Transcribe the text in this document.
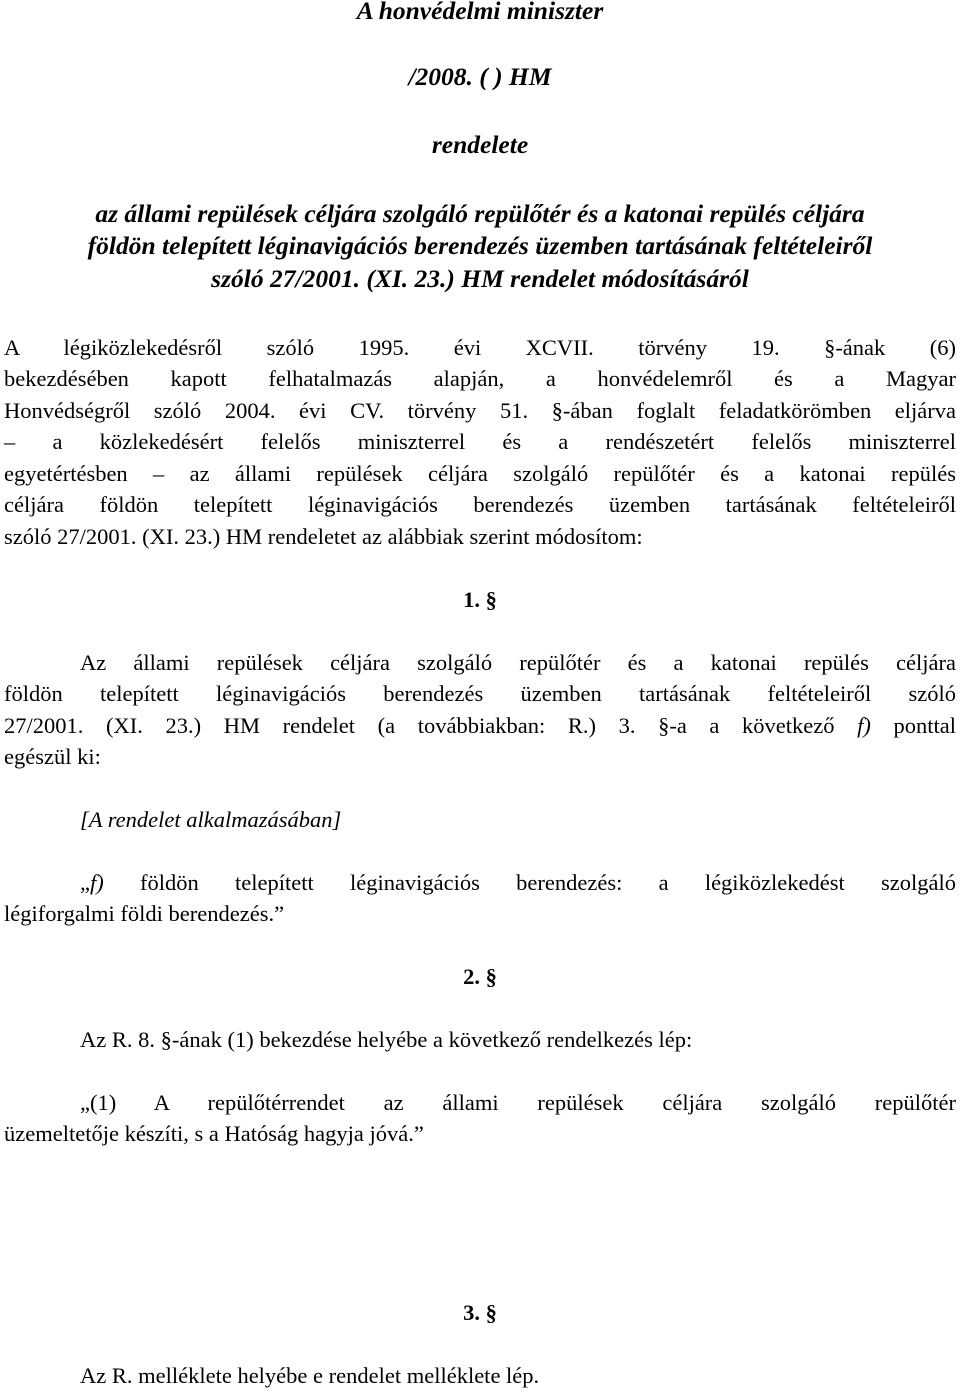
A honvédelmi miniszter
/2008. ( ) HM
rendelete
az állami repülések céljára szolgáló repülőtér és a katonai repülés céljára
földön telepített léginavigációs berendezés üzemben tartásának feltételeiről
szóló 27/2001. (XI. 23.) HM rendelet módosításáról
A légiközlekedésről szóló 1995. évi XCVII. törvény 19. §-ának (6)
bekezdésében kapott felhatalmazás alapján, a honvédelemről és a Magyar
Honvédségről szóló 2004. évi CV. törvény 51. §-ában foglalt feladatkörömben eljárva
– a közlekedésért felelős miniszterrel és a rendészetért felelős miniszterrel
egyetértésben – az állami repülések céljára szolgáló repülőtér és a katonai repülés
céljára földön telepített léginavigációs berendezés üzemben tartásának feltételeiről
szóló 27/2001. (XI. 23.) HM rendeletet az alábbiak szerint módosítom:
1. §
Az állami repülések céljára szolgáló repülőtér és a katonai repülés céljára
földön telepített léginavigációs berendezés üzemben tartásának feltételeiről szóló
27/2001. (XI. 23.) HM rendelet (a továbbiakban: R.) 3. §-a a következő f) ponttal
egészül ki:
[A rendelet alkalmazásában]
„f) földön telepített léginavigációs berendezés: a légiközlekedést szolgáló
légiforgalmi földi berendezés.”
2. §
Az R. 8. §-ának (1) bekezdése helyébe a következő rendelkezés lép:
„(1) A repülőtérrendet az állami repülések céljára szolgáló repülőtér
üzemeltetője készíti, s a Hatóság hagyja jóvá.”
3. §
Az R. melléklete helyébe e rendelet melléklete lép.
